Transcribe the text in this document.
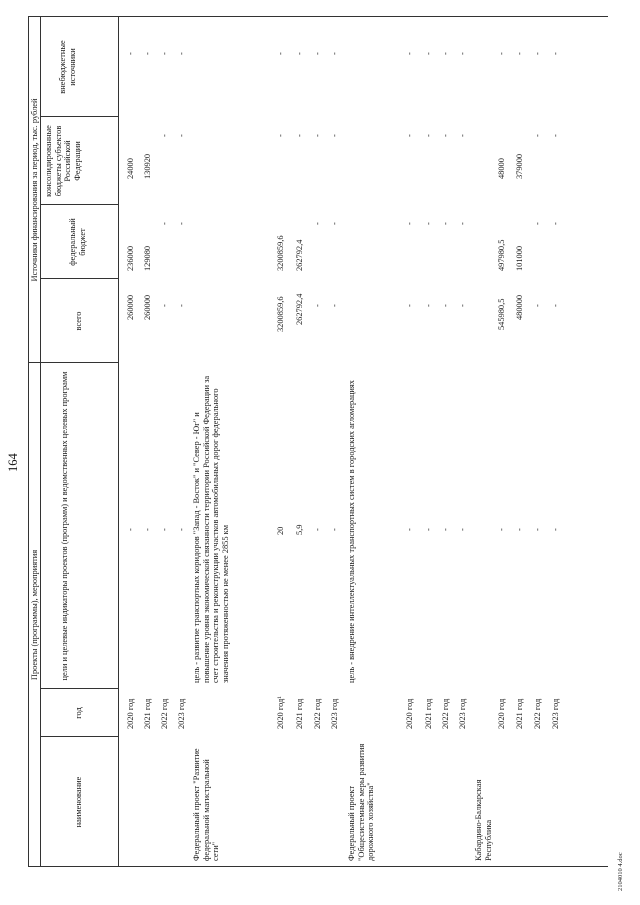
164
Проекты (программы), мероприятия
Источники финансирования за период, тыс. рублей
наименование
год
цели и целевые индикаторы проектов (программ) и ведомственных целевых программ
всего
федеральный бюджет
консолидированные бюджеты субъектов Российской Федерации
внебюджетные источники
2020 год
-
260000
236000
24000
-
2021 год
-
260000
129080
130920
-
2022 год
-
-
-
-
-
2023 год
-
-
-
-
-
Федеральный проект "Развитие федеральной магистральной сети"
цель - развитие транспортных коридоров "Запад - Восток" и "Север - Юг" и повышение уровня экономической связанности территории Российской Федерации за счет строительства и реконструкции участков автомобильных дорог федерального значения протяженностью не менее 2855 км
2020 год¹
20
3200859,6
3200859,6
-
-
2021 год
5,9
262792,4
262792,4
-
-
2022 год
-
-
-
-
-
2023 год
-
-
-
-
-
Федеральный проект "Общесистемные меры развития дорожного хозяйства"
цель - внедрение интеллектуальных транспортных систем в городских агломерациях
2020 год
-
-
-
-
-
2021 год
-
-
-
-
-
2022 год
-
-
-
-
-
2023 год
-
-
-
-
-
Кабардино-Балкарская Республика
2020 год
-
545980,5
497980,5
48000
-
2021 год
-
480000
101000
379000
-
2022 год
-
-
-
-
-
2023 год
-
-
-
-
-
2104010 4.doc
